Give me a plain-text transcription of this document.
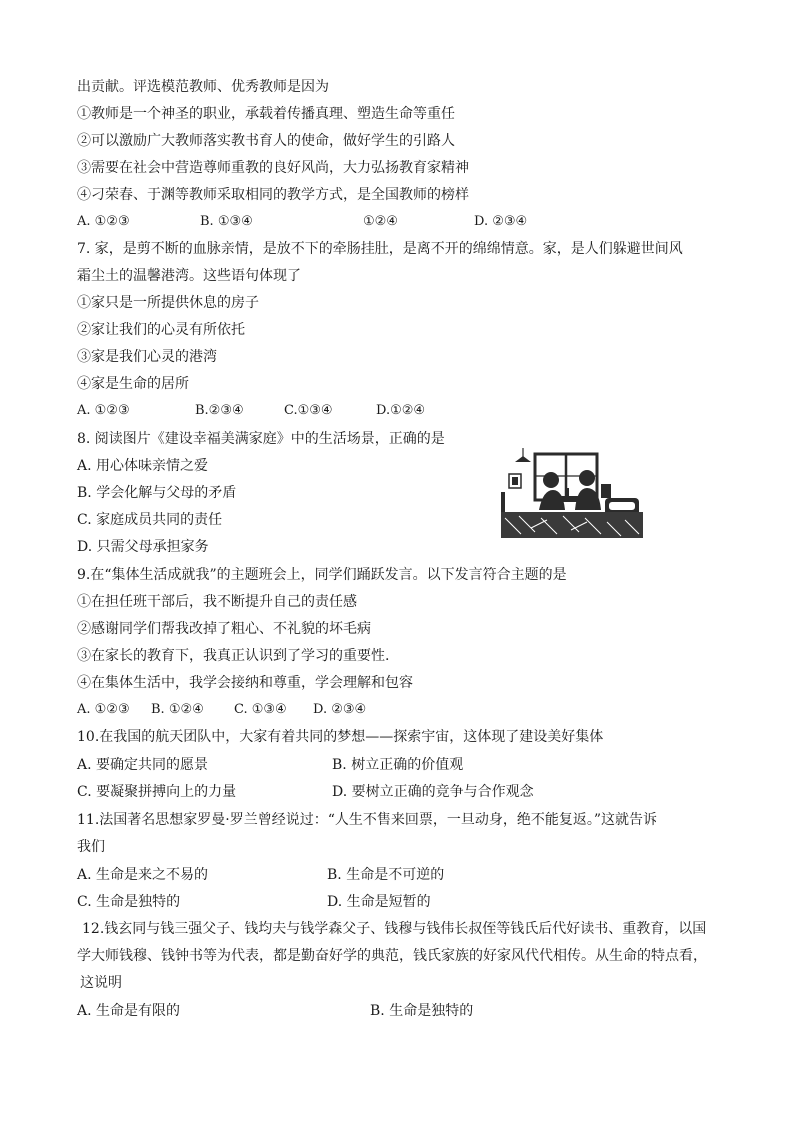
出贡献。评选模范教师、优秀教师是因为
①教师是一个神圣的职业，承载着传播真理、塑造生命等重任
②可以激励广大教师落实教书育人的使命，做好学生的引路人
③需要在社会中营造尊师重教的良好风尚，大力弘扬教育家精神
④刁荣春、于渊等教师采取相同的教学方式，是全国教师的榜样
A. ①②③	B. ①③④	①②④	D. ②③④
7. 家，是剪不断的血脉亲情，是放不下的牵肠挂肚，是离不开的绵绵情意。家，是人们躲避世间风
霜尘土的温馨港湾。这些语句体现了
①家只是一所提供休息的房子
②家让我们的心灵有所依托
③家是我们心灵的港湾
④家是生命的居所
A. ①②③	B.②③④	C.①③④	D.①②④
8. 阅读图片《建设幸福美满家庭》中的生活场景，正确的是
A. 用心体味亲情之爱
B. 学会化解与父母的矛盾
C. 家庭成员共同的责任
D. 只需父母承担家务
9.在“集体生活成就我”的主题班会上，同学们踊跃发言。以下发言符合主题的是
①在担任班干部后，我不断提升自己的责任感
②感谢同学们帮我改掉了粗心、不礼貌的坏毛病
③在家长的教育下，我真正认识到了学习的重要性.
④在集体生活中，我学会接纳和尊重，学会理解和包容
A. ①②③ B. ①②④ C. ①③④ D. ②③④
10.在我国的航天团队中，大家有着共同的梦想——探索宇宙，这体现了建设美好集体
A. 要确定共同的愿景	B. 树立正确的价值观
C. 要凝聚拼搏向上的力量	D. 要树立正确的竞争与合作观念
11.法国著名思想家罗曼·罗兰曾经说过：“人生不售来回票，一旦动身，绝不能复返。”这就告诉
我们
A. 生命是来之不易的	B. 生命是不可逆的
C. 生命是独特的	D. 生命是短暂的
12.钱玄同与钱三强父子、钱均夫与钱学森父子、钱穆与钱伟长叔侄等钱氏后代好读书、重教育，以国
学大师钱穆、钱钟书等为代表，都是勤奋好学的典范，钱氏家族的好家风代代相传。从生命的特点看，
这说明
A. 生命是有限的	B. 生命是独特的
